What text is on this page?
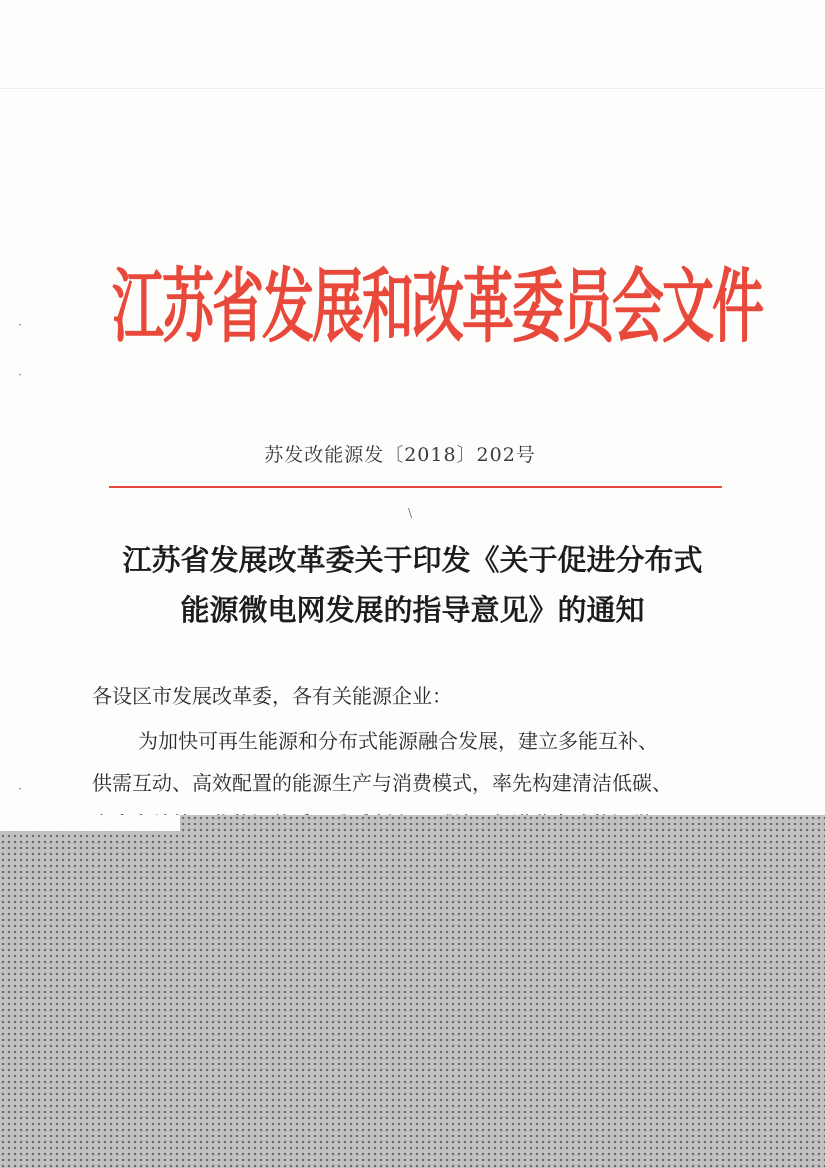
江苏省发展和改革委员会文件
苏发改能源发〔2018〕202号
\
·
·
·
江苏省发展改革委关于印发《关于促进分布式
能源微电网发展的指导意见》的通知
各设区市发展改革委，各有关能源企业：
为加快可再生能源和分布式能源融合发展，建立多能互补、
供需互动、高效配置的能源生产与消费模式，率先构建清洁低碳、
